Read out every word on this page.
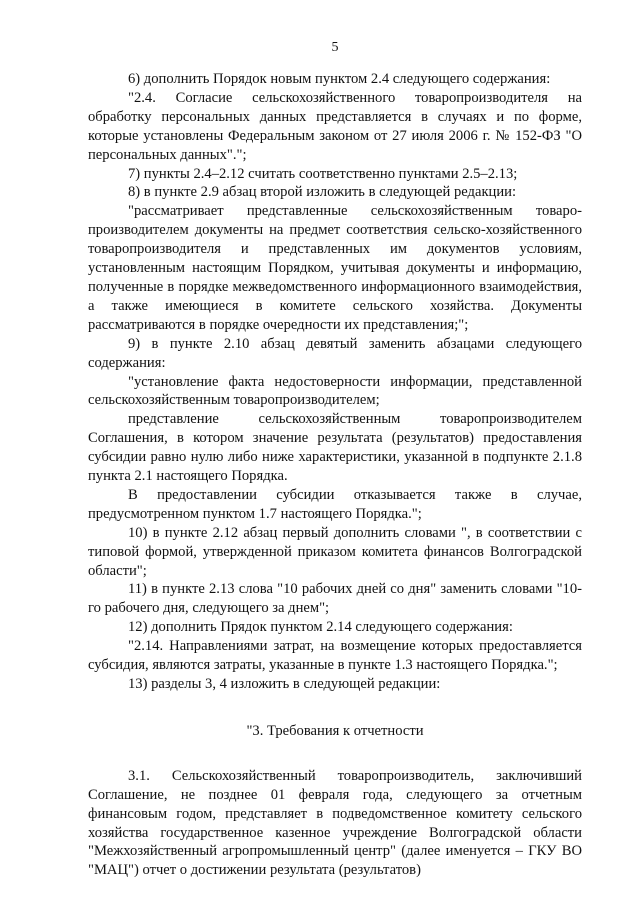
5

6) дополнить Порядок новым пунктом 2.4 следующего содержания:

"2.4. Согласие сельскохозяйственного товаропроизводителя на обработку персональных данных представляется в случаях и по форме, которые установлены Федеральным законом от 27 июля 2006 г. № 152-ФЗ "О персональных данных".";

7) пункты 2.4–2.12 считать соответственно пунктами 2.5–2.13;

8) в пункте 2.9 абзац второй изложить в следующей редакции:

"рассматривает представленные сельскохозяйственным товаро-производителем документы на предмет соответствия сельско-хозяйственного товаропроизводителя и представленных им документов условиям, установленным настоящим Порядком, учитывая документы и информацию, полученные в порядке межведомственного информационного взаимодействия, а также имеющиеся в комитете сельского хозяйства. Документы рассматриваются в порядке очередности их представления;";

9) в пункте 2.10 абзац девятый заменить абзацами следующего содержания:

"установление факта недостоверности информации, представленной сельскохозяйственным товаропроизводителем;

представление сельскохозяйственным товаропроизводителем Соглашения, в котором значение результата (результатов) предоставления субсидии равно нулю либо ниже характеристики, указанной в подпункте 2.1.8 пункта 2.1 настоящего Порядка.

В предоставлении субсидии отказывается также в случае, предусмотренном пунктом 1.7 настоящего Порядка.";

10) в пункте 2.12 абзац первый дополнить словами ", в соответствии с типовой формой, утвержденной приказом комитета финансов Волгоградской области";

11) в пункте 2.13 слова "10 рабочих дней со дня" заменить словами "10-го рабочего дня, следующего за днем";

12) дополнить Прядок пунктом 2.14 следующего содержания:

"2.14. Направлениями затрат, на возмещение которых предоставляется субсидия, являются затраты, указанные в пункте 1.3 настоящего Порядка.";

13) разделы 3, 4 изложить в следующей редакции:

"3. Требования к отчетности

3.1. Сельскохозяйственный товаропроизводитель, заключивший Соглашение, не позднее 01 февраля года, следующего за отчетным финансовым годом, представляет в подведомственное комитету сельского хозяйства государственное казенное учреждение Волгоградской области "Межхозяйственный агропромышленный центр" (далее именуется – ГКУ ВО "МАЦ") отчет о достижении результата (результатов)
